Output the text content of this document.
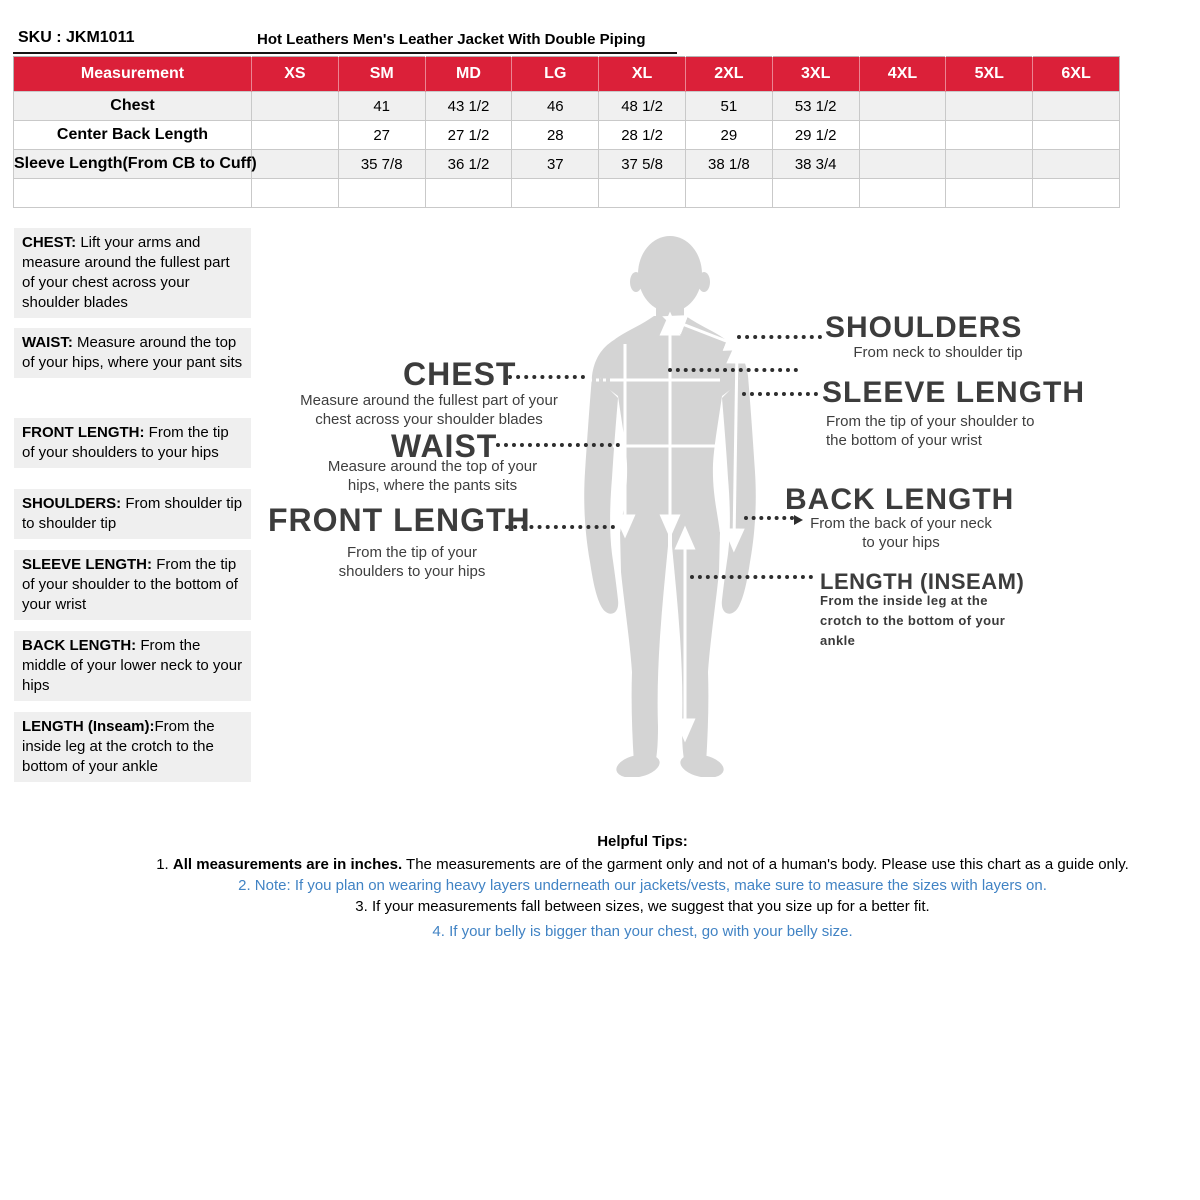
SKU : JKM1011	Hot Leathers Men's Leather Jacket With Double Piping
Measurement	XS	SM	MD	LG	XL	2XL	3XL	4XL	5XL	6XL
Chest		41	43 1/2	46	48 1/2	51	53 1/2			
Center Back Length		27	27 1/2	28	28 1/2	29	29 1/2			
Sleeve Length(From CB to Cuff)		35 7/8	36 1/2	37	37 5/8	38 1/8	38 3/4			

CHEST: Lift your arms and measure around the fullest part of your chest across your shoulder blades
WAIST: Measure around the top of your hips, where your pant sits
FRONT LENGTH: From the tip of your shoulders to your hips
SHOULDERS: From shoulder tip to shoulder tip
SLEEVE LENGTH: From the tip of your shoulder to the bottom of your wrist
BACK LENGTH: From the middle of your lower neck to your hips
LENGTH (Inseam):From the inside leg at the crotch to the bottom of your ankle
CHEST
Measure around the fullest part of your chest across your shoulder blades
WAIST
Measure around the top of your hips, where the pants sits
FRONT LENGTH
From the tip of your shoulders to your hips
SHOULDERS
From neck to shoulder tip
SLEEVE LENGTH
From the tip of your shoulder to the bottom of your wrist
BACK LENGTH
From the back of your neck to your hips
LENGTH (INSEAM)
From the inside leg at the crotch to the bottom of your ankle
Helpful Tips:
1. All measurements are in inches. The measurements are of the garment only and not of a human's body. Please use this chart as a guide only.
2. Note: If you plan on wearing heavy layers underneath our jackets/vests, make sure to measure the sizes with layers on.
3. If your measurements fall between sizes, we suggest that you size up for a better fit.
4. If your belly is bigger than your chest, go with your belly size.
